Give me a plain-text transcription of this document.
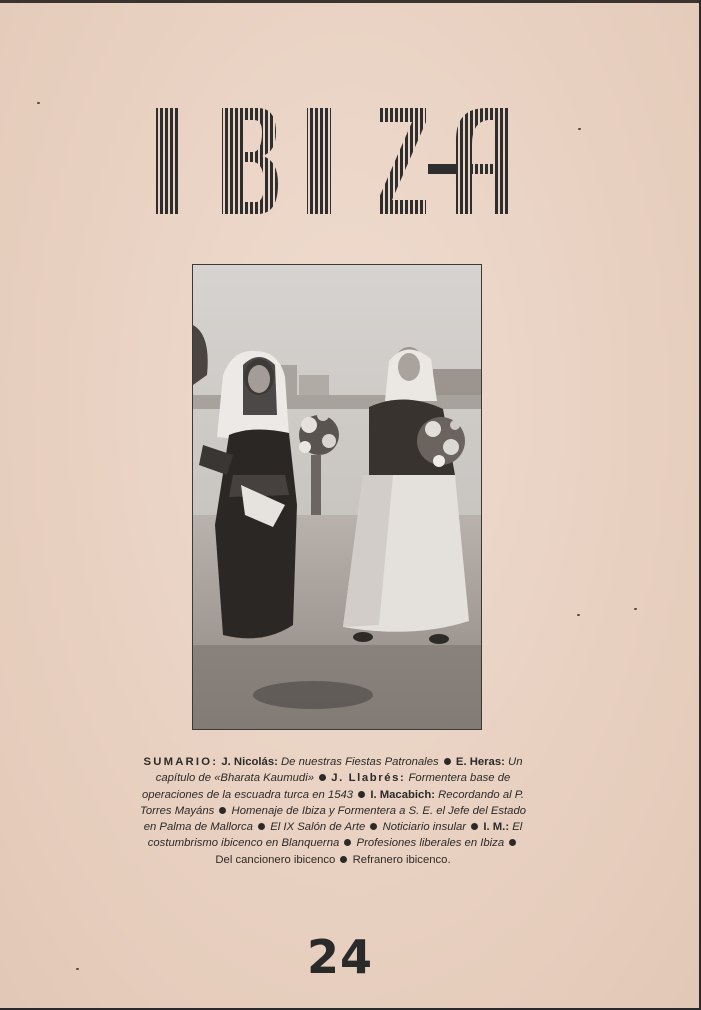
SUMARIO: J. Nicolás: De nuestras Fiestas Patronales E. Heras: Un capítulo de «Bharata Kaumudi» J. Llabrés: Formentera base de operaciones de la escuadra turca en 1543 I. Macabich: Recordando al P. Torres Mayáns Homenaje de Ibiza y Formentera a S. E. el Jefe del Estado en Palma de Mallorca El IX Salón de Arte Noticiario insular I. M.: El costumbrismo ibicenco en Blanquerna Profesiones liberales en Ibiza
Del cancionero ibicenco Refranero ibicenco.

24
